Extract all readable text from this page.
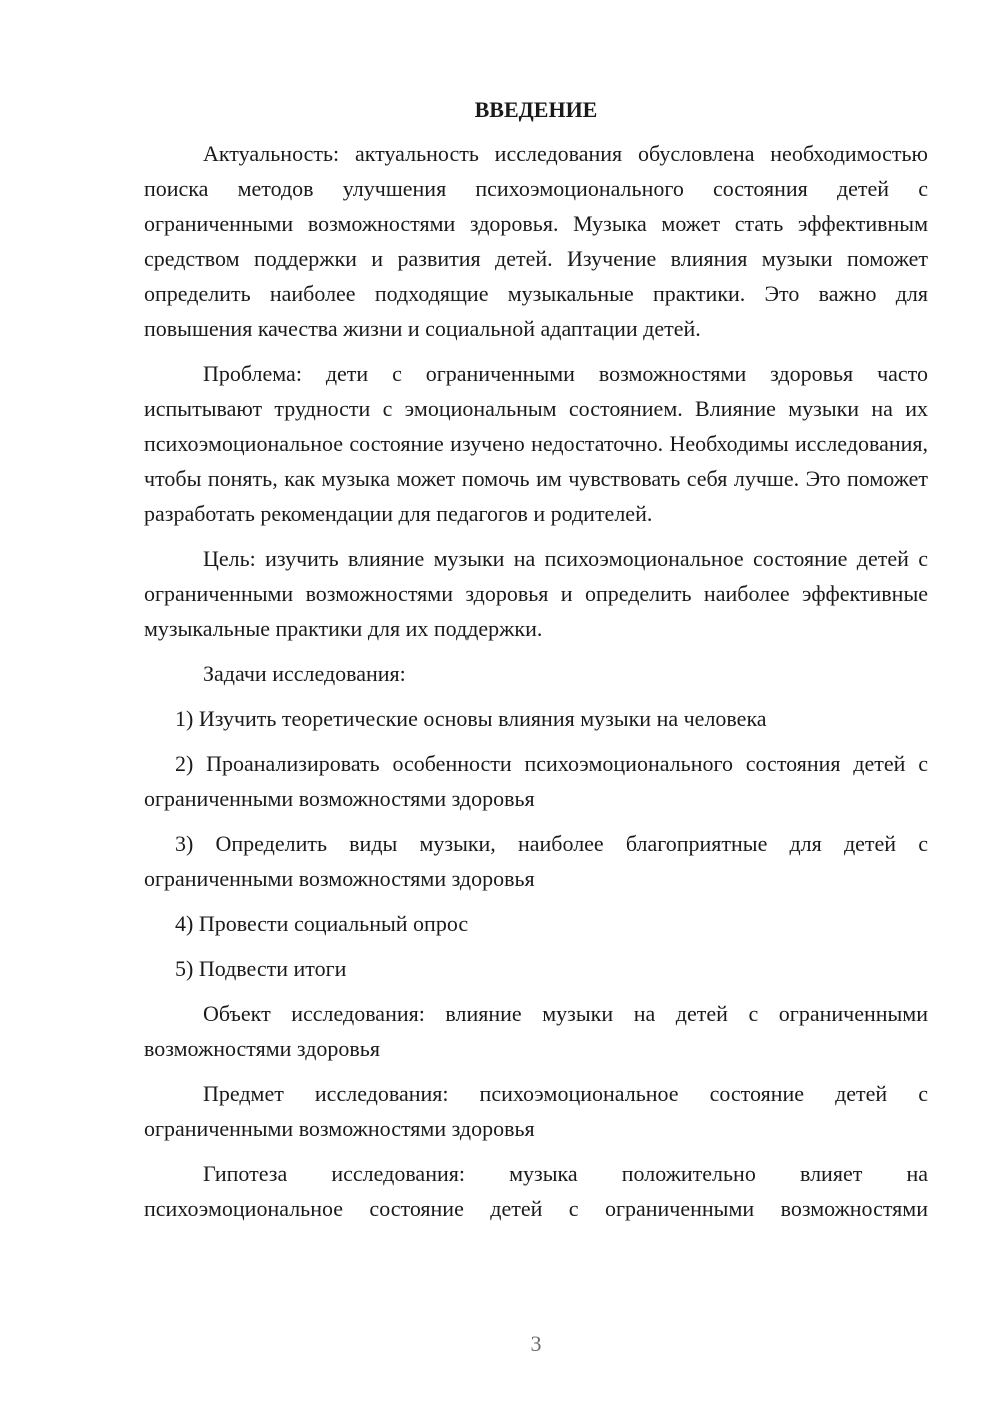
ВВЕДЕНИЕ

Актуальность: актуальность исследования обусловлена необходимостью поиска методов улучшения психоэмоционального состояния детей с ограниченными возможностями здоровья. Музыка может стать эффективным средством поддержки и развития детей. Изучение влияния музыки поможет определить наиболее подходящие музыкальные практики. Это важно для повышения качества жизни и социальной адаптации детей.

Проблема: дети с ограниченными возможностями здоровья часто испытывают трудности с эмоциональным состоянием. Влияние музыки на их психоэмоциональное состояние изучено недостаточно. Необходимы исследования, чтобы понять, как музыка может помочь им чувствовать себя лучше. Это поможет разработать рекомендации для педагогов и родителей.

Цель: изучить влияние музыки на психоэмоциональное состояние детей с ограниченными возможностями здоровья и определить наиболее эффективные музыкальные практики для их поддержки.

Задачи исследования:

1) Изучить теоретические основы влияния музыки на человека

2) Проанализировать особенности психоэмоционального состояния детей с ограниченными возможностями здоровья

3) Определить виды музыки, наиболее благоприятные для детей с ограниченными возможностями здоровья

4) Провести социальный опрос

5) Подвести итоги

Объект исследования: влияние музыки на детей с ограниченными возможностями здоровья

Предмет исследования: психоэмоциональное состояние детей с ограниченными возможностями здоровья

Гипотеза исследования: музыка положительно влияет на психоэмоциональное состояние детей с ограниченными возможностями

3
